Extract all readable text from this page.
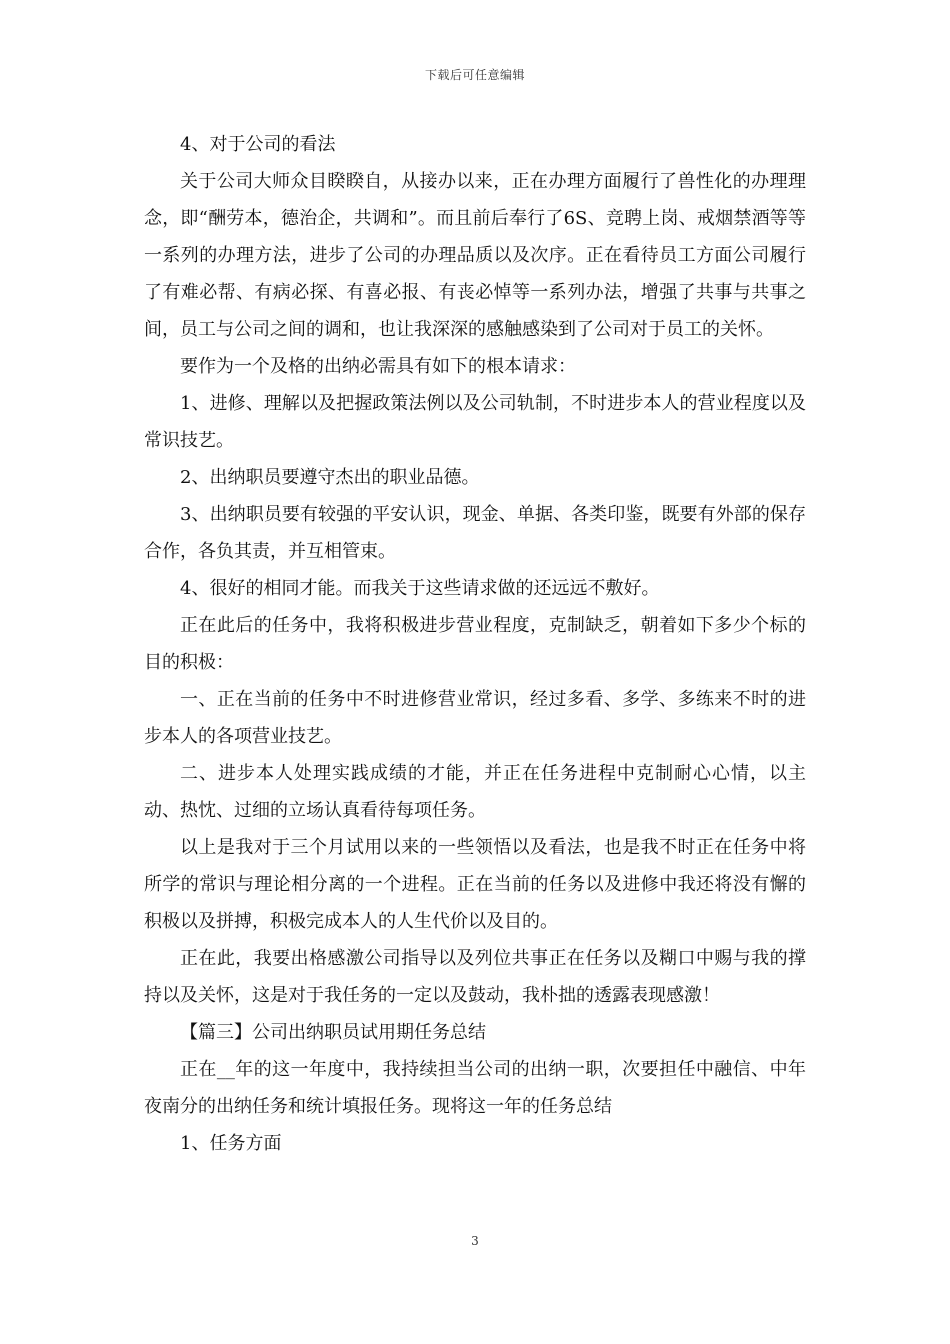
下载后可任意编辑

4、对于公司的看法

关于公司大师众目睽睽自，从接办以来，正在办理方面履行了兽性化的办理理念，即“酬劳本，德治企，共调和”。而且前后奉行了6S、竞聘上岗、戒烟禁酒等等一系列的办理方法，进步了公司的办理品质以及次序。正在看待员工方面公司履行了有难必帮、有病必探、有喜必报、有丧必悼等一系列办法，增强了共事与共事之间，员工与公司之间的调和，也让我深深的感触感染到了公司对于员工的关怀。

要作为一个及格的出纳必需具有如下的根本请求：

1、进修、理解以及把握政策法例以及公司轨制，不时进步本人的营业程度以及常识技艺。

2、出纳职员要遵守杰出的职业品德。

3、出纳职员要有较强的平安认识，现金、单据、各类印鉴，既要有外部的保存合作，各负其责，并互相管束。

4、很好的相同才能。而我关于这些请求做的还远远不敷好。

正在此后的任务中，我将积极进步营业程度，克制缺乏，朝着如下多少个标的目的积极：

一、正在当前的任务中不时进修营业常识，经过多看、多学、多练来不时的进步本人的各项营业技艺。

二、进步本人处理实践成绩的才能，并正在任务进程中克制耐心心情，以主动、热忱、过细的立场认真看待每项任务。

以上是我对于三个月试用以来的一些领悟以及看法，也是我不时正在任务中将所学的常识与理论相分离的一个进程。正在当前的任务以及进修中我还将没有懈的积极以及拼搏，积极完成本人的人生代价以及目的。

正在此，我要出格感激公司指导以及列位共事正在任务以及糊口中赐与我的撑持以及关怀，这是对于我任务的一定以及鼓动，我朴拙的透露表现感激！

【篇三】公司出纳职员试用期任务总结

正在__年的这一年度中，我持续担当公司的出纳一职，次要担任中融信、中年夜南分的出纳任务和统计填报任务。现将这一年的任务总结

1、任务方面

3
